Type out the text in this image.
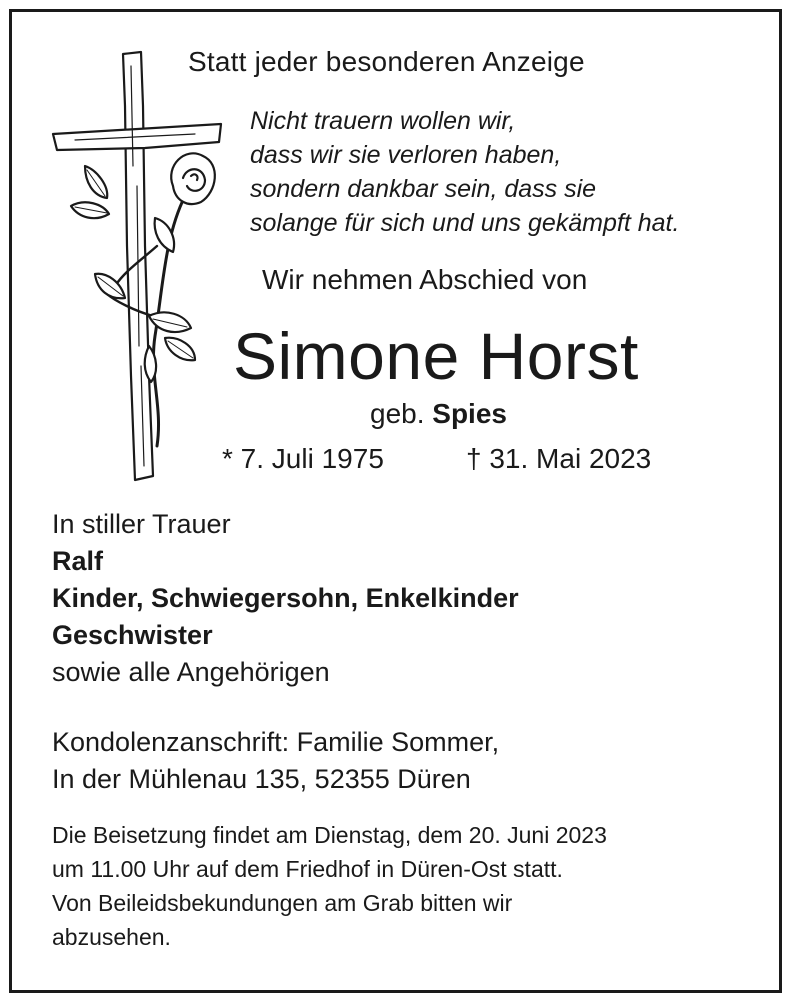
Statt jeder besonderen Anzeige
Nicht trauern wollen wir,
dass wir sie verloren haben,
sondern dankbar sein, dass sie
solange für sich und uns gekämpft hat.
Wir nehmen Abschied von
Simone Horst
geb. Spies
* 7. Juli 1975	† 31. Mai 2023
In stiller Trauer
Ralf
Kinder, Schwiegersohn, Enkelkinder
Geschwister
sowie alle Angehörigen
Kondolenzanschrift: Familie Sommer,
In der Mühlenau 135, 52355 Düren
Die Beisetzung findet am Dienstag, dem 20. Juni 2023
um 11.00 Uhr auf dem Friedhof in Düren-Ost statt.
Von Beileidsbekundungen am Grab bitten wir
abzusehen.
